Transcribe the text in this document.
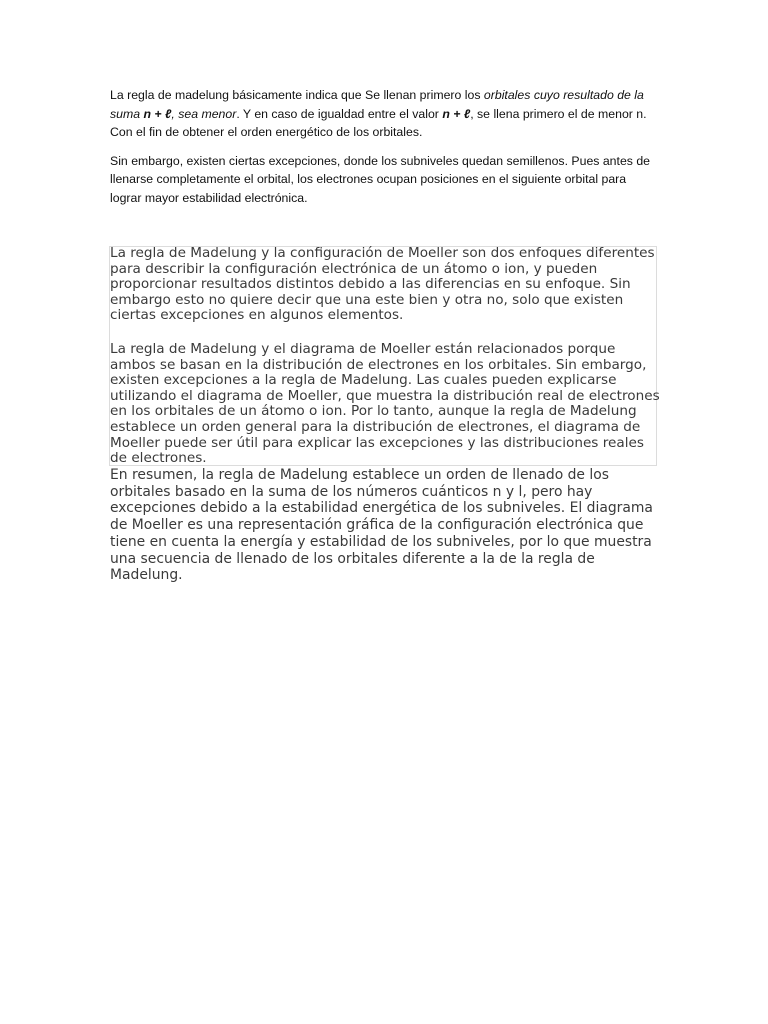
La regla de madelung básicamente indica que Se llenan primero los orbitales cuyo resultado de la suma n + ℓ, sea menor. Y en caso de igualdad entre el valor n + ℓ, se llena primero el de menor n. Con el fin de obtener el orden energético de los orbitales.

Sin embargo, existen ciertas excepciones, donde los subniveles quedan semillenos. Pues antes de llenarse completamente el orbital, los electrones ocupan posiciones en el siguiente orbital para lograr mayor estabilidad electrónica.

La regla de Madelung y la configuración de Moeller son dos enfoques diferentes para describir la configuración electrónica de un átomo o ion, y pueden proporcionar resultados distintos debido a las diferencias en su enfoque. Sin embargo esto no quiere decir que una este bien y otra no, solo que existen ciertas excepciones en algunos elementos.

La regla de Madelung y el diagrama de Moeller están relacionados porque ambos se basan en la distribución de electrones en los orbitales. Sin embargo, existen excepciones a la regla de Madelung. Las cuales pueden explicarse utilizando el diagrama de Moeller, que muestra la distribución real de electrones en los orbitales de un átomo o ion. Por lo tanto, aunque la regla de Madelung establece un orden general para la distribución de electrones, el diagrama de Moeller puede ser útil para explicar las excepciones y las distribuciones reales de electrones.

En resumen, la regla de Madelung establece un orden de llenado de los orbitales basado en la suma de los números cuánticos n y l, pero hay excepciones debido a la estabilidad energética de los subniveles. El diagrama de Moeller es una representación gráfica de la configuración electrónica que tiene en cuenta la energía y estabilidad de los subniveles, por lo que muestra una secuencia de llenado de los orbitales diferente a la de la regla de Madelung.
